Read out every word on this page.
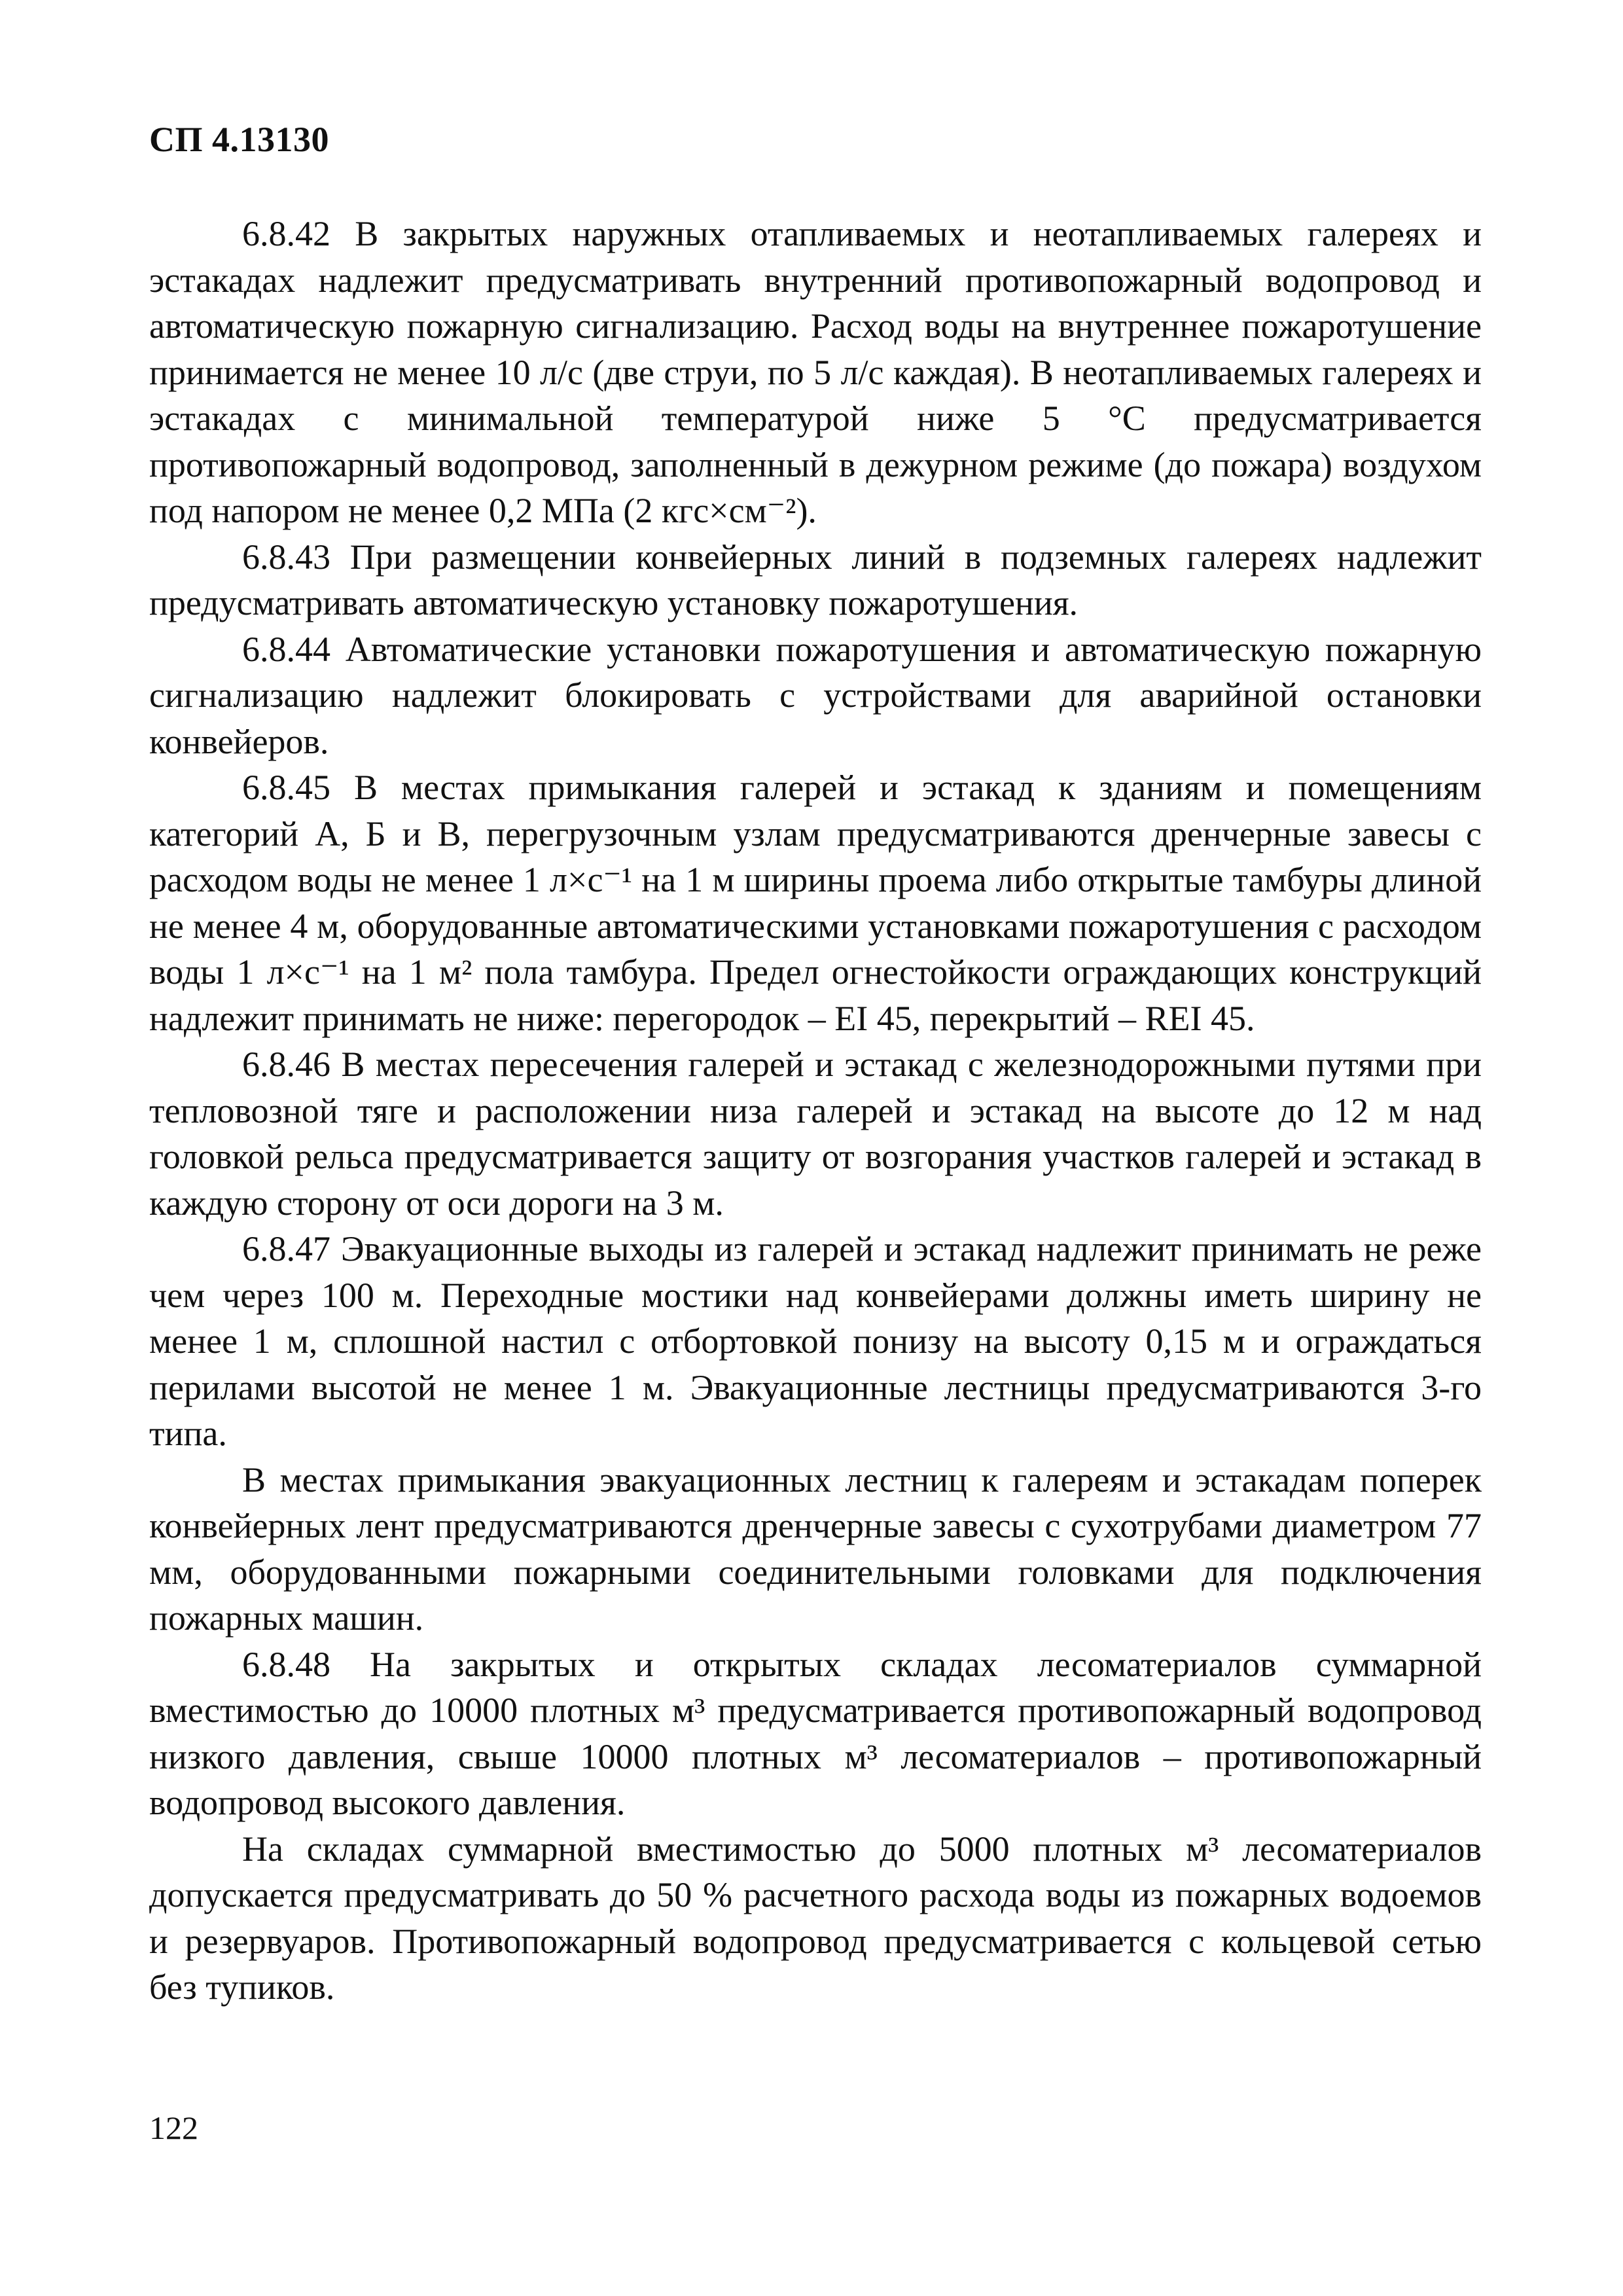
СП 4.13130

6.8.42 В закрытых наружных отапливаемых и неотапливаемых галереях и эстакадах надлежит предусматривать внутренний противопожарный водопровод и автоматическую пожарную сигнализацию. Расход воды на внутреннее пожаротушение принимается не менее 10 л/с (две струи, по 5 л/с каждая). В неотапливаемых галереях и эстакадах с минимальной температурой ниже 5 °С предусматривается противопожарный водопровод, заполненный в дежурном режиме (до пожара) воздухом под напором не менее 0,2 МПа (2 кгс×см⁻²).

6.8.43 При размещении конвейерных линий в подземных галереях надлежит предусматривать автоматическую установку пожаротушения.

6.8.44 Автоматические установки пожаротушения и автоматическую пожарную сигнализацию надлежит блокировать с устройствами для аварийной остановки конвейеров.

6.8.45 В местах примыкания галерей и эстакад к зданиям и помещениям категорий А, Б и В, перегрузочным узлам предусматриваются дренчерные завесы с расходом воды не менее 1 л×с⁻¹ на 1 м ширины проема либо открытые тамбуры длиной не менее 4 м, оборудованные автоматическими установками пожаротушения с расходом воды 1 л×с⁻¹ на 1 м² пола тамбура. Предел огнестойкости ограждающих конструкций надлежит принимать не ниже: перегородок – EI 45, перекрытий – REI 45.

6.8.46 В местах пересечения галерей и эстакад с железнодорожными путями при тепловозной тяге и расположении низа галерей и эстакад на высоте до 12 м над головкой рельса предусматривается защиту от возгорания участков галерей и эстакад в каждую сторону от оси дороги на 3 м.

6.8.47 Эвакуационные выходы из галерей и эстакад надлежит принимать не реже чем через 100 м. Переходные мостики над конвейерами должны иметь ширину не менее 1 м, сплошной настил с отбортовкой понизу на высоту 0,15 м и ограждаться перилами высотой не менее 1 м. Эвакуационные лестницы предусматриваются 3-го типа.

В местах примыкания эвакуационных лестниц к галереям и эстакадам поперек конвейерных лент предусматриваются дренчерные завесы с сухотрубами диаметром 77 мм, оборудованными пожарными соединительными головками для подключения пожарных машин.

6.8.48 На закрытых и открытых складах лесоматериалов суммарной вместимостью до 10000 плотных м³ предусматривается противопожарный водопровод низкого давления, свыше 10000 плотных м³ лесоматериалов – противопожарный водопровод высокого давления.

На складах суммарной вместимостью до 5000 плотных м³ лесоматериалов допускается предусматривать до 50 % расчетного расхода воды из пожарных водоемов и резервуаров. Противопожарный водопровод предусматривается с кольцевой сетью без тупиков.

122
